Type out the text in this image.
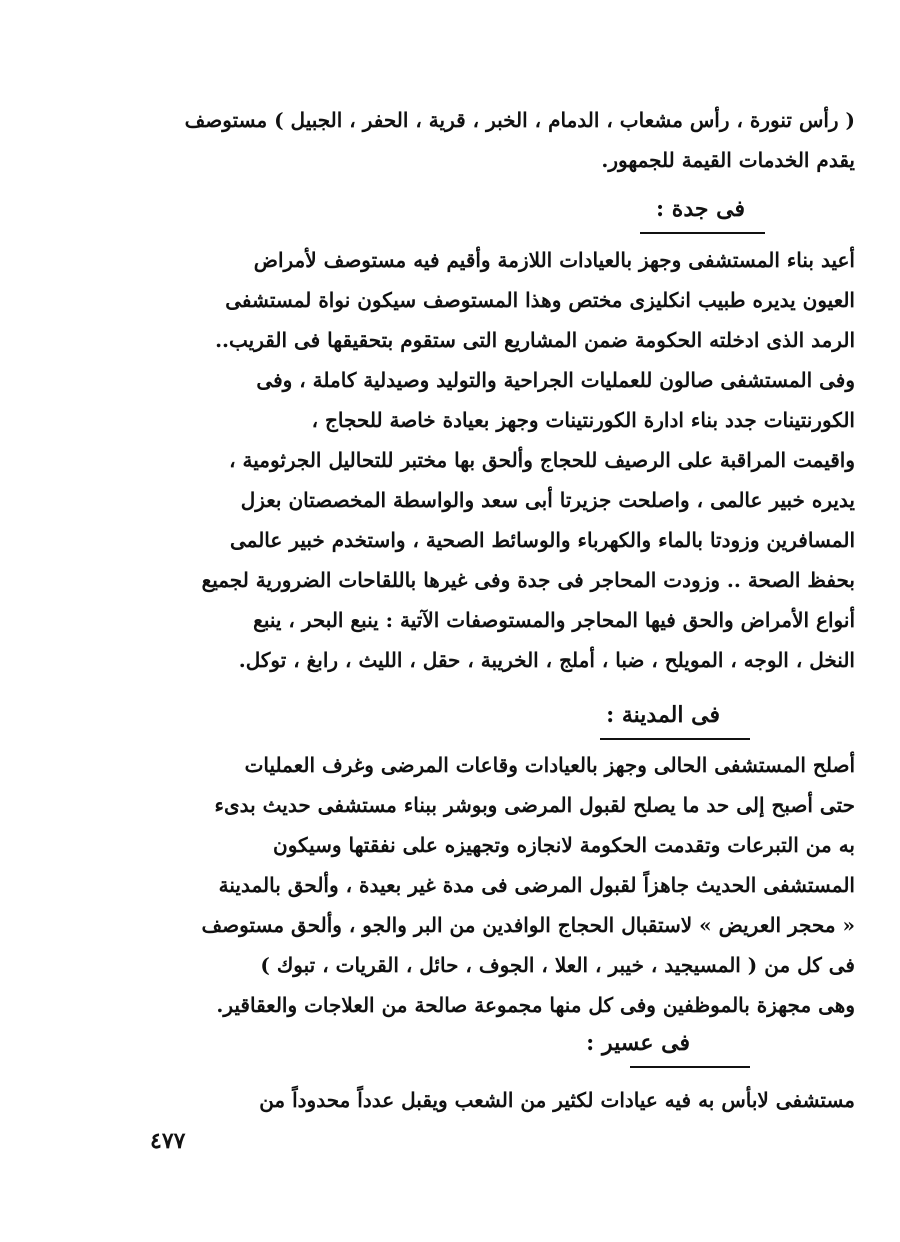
( رأس تنورة ، رأس مشعاب ، الدمام ، الخبر ، قرية ، الحفر ، الجبيل ) مستوصف
يقدم الخدمات القيمة للجمهور.
فى جدة :
أعيد بناء المستشفى وجهز بالعيادات اللازمة وأقيم فيه مستوصف لأمراض
العيون يديره طبيب انكليزى مختص وهذا المستوصف سيكون نواة لمستشفى
الرمد الذى ادخلته الحكومة ضمن المشاريع التى ستقوم بتحقيقها فى القريب..
وفى المستشفى صالون للعمليات الجراحية والتوليد وصيدلية كاملة ، وفى
الكورنتينات جدد بناء ادارة الكورنتينات وجهز بعيادة خاصة للحجاج ،
واقيمت المراقبة على الرصيف للحجاج وألحق بها مختبر للتحاليل الجرثومية ،
يديره خبير عالمى ، واصلحت جزيرتا أبى سعد والواسطة المخصصتان بعزل
المسافرين وزودتا بالماء والكهرباء والوسائط الصحية ، واستخدم خبير عالمى
بحفظ الصحة .. وزودت المحاجر فى جدة وفى غيرها باللقاحات الضرورية لجميع
أنواع الأمراض والحق فيها المحاجر والمستوصفات الآتية : ينبع البحر ، ينبع
النخل ، الوجه ، المويلح ، ضبا ، أملج ، الخريبة ، حقل ، الليث ، رابغ ، توكل.
فى المدينة :
أصلح المستشفى الحالى وجهز بالعيادات وقاعات المرضى وغرف العمليات
حتى أصبح إلى حد ما يصلح لقبول المرضى وبوشر ببناء مستشفى حديث بدىء
به من التبرعات وتقدمت الحكومة لانجازه وتجهيزه على نفقتها وسيكون
المستشفى الحديث جاهزاً لقبول المرضى فى مدة غير بعيدة ، وألحق بالمدينة
« محجر العريض » لاستقبال الحجاج الوافدين من البر والجو ، وألحق مستوصف
فى كل من ( المسيجيد ، خيبر ، العلا ، الجوف ، حائل ، القريات ، تبوك )
وهى مجهزة بالموظفين وفى كل منها مجموعة صالحة من العلاجات والعقاقير.
فى عسير :
مستشفى لابأس به فيه عيادات لكثير من الشعب ويقبل عدداً محدوداً من
٤٧٧
